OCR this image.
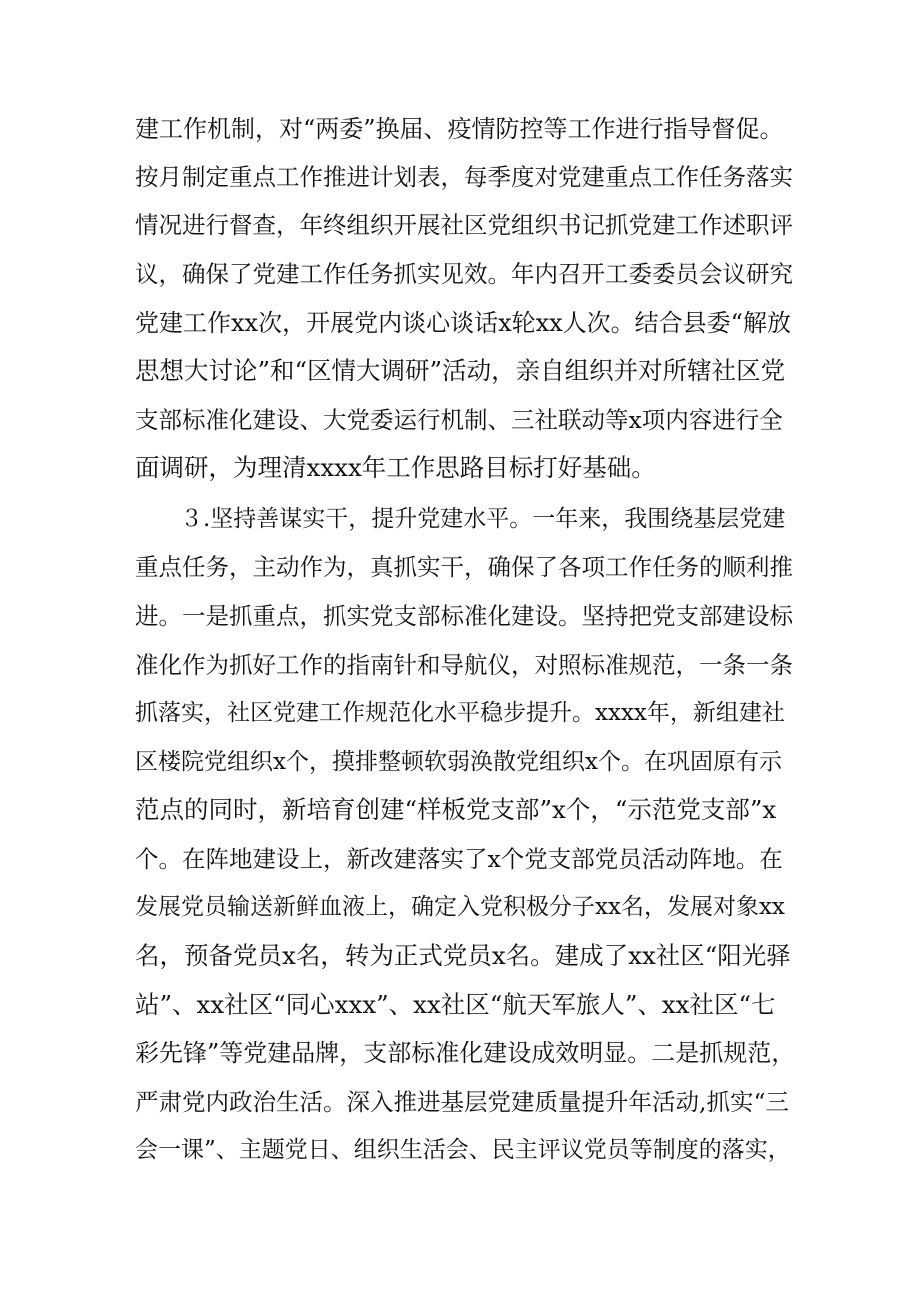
建工作机制，对“两委”换届、疫情防控等工作进行指导督促。
按月制定重点工作推进计划表，每季度对党建重点工作任务落实
情况进行督查，年终组织开展社区党组织书记抓党建工作述职评
议，确保了党建工作任务抓实见效。年内召开工委委员会议研究
党建工作xx次，开展党内谈心谈话x轮xx人次。结合县委“解放
思想大讨论”和“区情大调研”活动，亲自组织并对所辖社区党
支部标准化建设、大党委运行机制、三社联动等x项内容进行全
面调研，为理清xxxx年工作思路目标打好基础。
３.坚持善谋实干，提升党建水平。一年来，我围绕基层党建
重点任务，主动作为，真抓实干，确保了各项工作任务的顺利推
进。一是抓重点，抓实党支部标准化建设。坚持把党支部建设标
准化作为抓好工作的指南针和导航仪，对照标准规范，一条一条
抓落实，社区党建工作规范化水平稳步提升。xxxx年，新组建社
区楼院党组织x个，摸排整顿软弱涣散党组织x个。在巩固原有示
范点的同时，新培育创建“样板党支部”x个，“示范党支部”x
个。在阵地建设上，新改建落实了x个党支部党员活动阵地。在
发展党员输送新鲜血液上，确定入党积极分子xx名，发展对象xx
名，预备党员x名，转为正式党员x名。建成了xx社区“阳光驿
站”、xx社区“同心xxx”、xx社区“航天军旅人”、xx社区“七
彩先锋”等党建品牌，支部标准化建设成效明显。二是抓规范，
严肃党内政治生活。深入推进基层党建质量提升年活动,抓实“三
会一课”、主题党日、组织生活会、民主评议党员等制度的落实，
